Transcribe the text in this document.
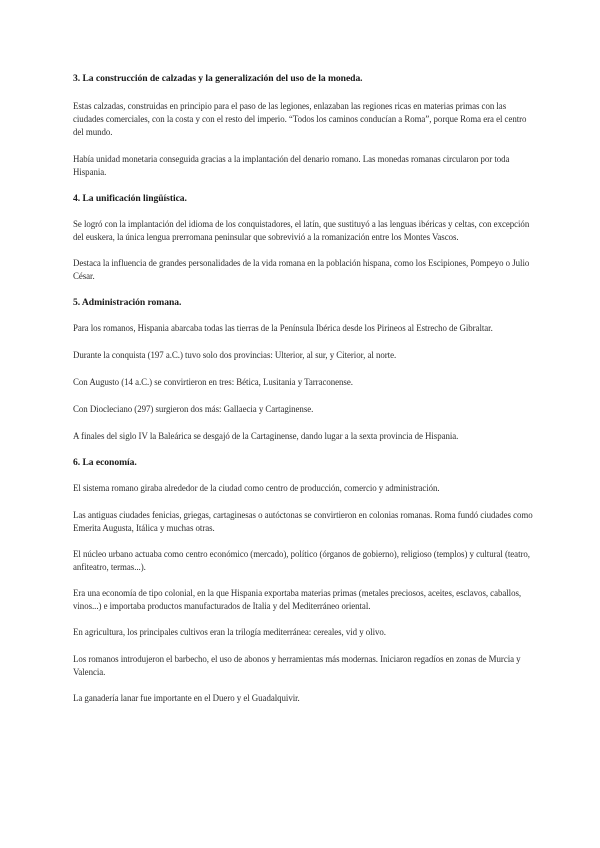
3. La construcción de calzadas y la generalización del uso de la moneda.

Estas calzadas, construidas en principio para el paso de las legiones, enlazaban las regiones ricas en materias primas con las ciudades comerciales, con la costa y con el resto del imperio. “Todos los caminos conducían a Roma”, porque Roma era el centro del mundo.

Había unidad monetaria conseguida gracias a la implantación del denario romano. Las monedas romanas circularon por toda Hispania.

4. La unificación lingüística.

Se logró con la implantación del idioma de los conquistadores, el latín, que sustituyó a las lenguas ibéricas y celtas, con excepción del euskera, la única lengua prerromana peninsular que sobrevivió a la romanización entre los Montes Vascos.

Destaca la influencia de grandes personalidades de la vida romana en la población hispana, como los Escipiones, Pompeyo o Julio César.

5. Administración romana.

Para los romanos, Hispania abarcaba todas las tierras de la Península Ibérica desde los Pirineos al Estrecho de Gibraltar.

Durante la conquista (197 a.C.) tuvo solo dos provincias: Ulterior, al sur, y Citerior, al norte.

Con Augusto (14 a.C.) se convirtieron en tres: Bética, Lusitania y Tarraconense.

Con Diocleciano (297) surgieron dos más: Gallaecia y Cartaginense.

A finales del siglo IV la Baleárica se desgajó de la Cartaginense, dando lugar a la sexta provincia de Hispania.

6. La economía.

El sistema romano giraba alrededor de la ciudad como centro de producción, comercio y administración.

Las antiguas ciudades fenicias, griegas, cartaginesas o autóctonas se convirtieron en colonias romanas. Roma fundó ciudades como Emerita Augusta, Itálica y muchas otras.

El núcleo urbano actuaba como centro económico (mercado), político (órganos de gobierno), religioso (templos) y cultural (teatro, anfiteatro, termas...).

Era una economía de tipo colonial, en la que Hispania exportaba materias primas (metales preciosos, aceites, esclavos, caballos, vinos...) e importaba productos manufacturados de Italia y del Mediterráneo oriental.

En agricultura, los principales cultivos eran la trilogía mediterránea: cereales, vid y olivo.

Los romanos introdujeron el barbecho, el uso de abonos y herramientas más modernas. Iniciaron regadíos en zonas de Murcia y Valencia.

La ganadería lanar fue importante en el Duero y el Guadalquivir.
